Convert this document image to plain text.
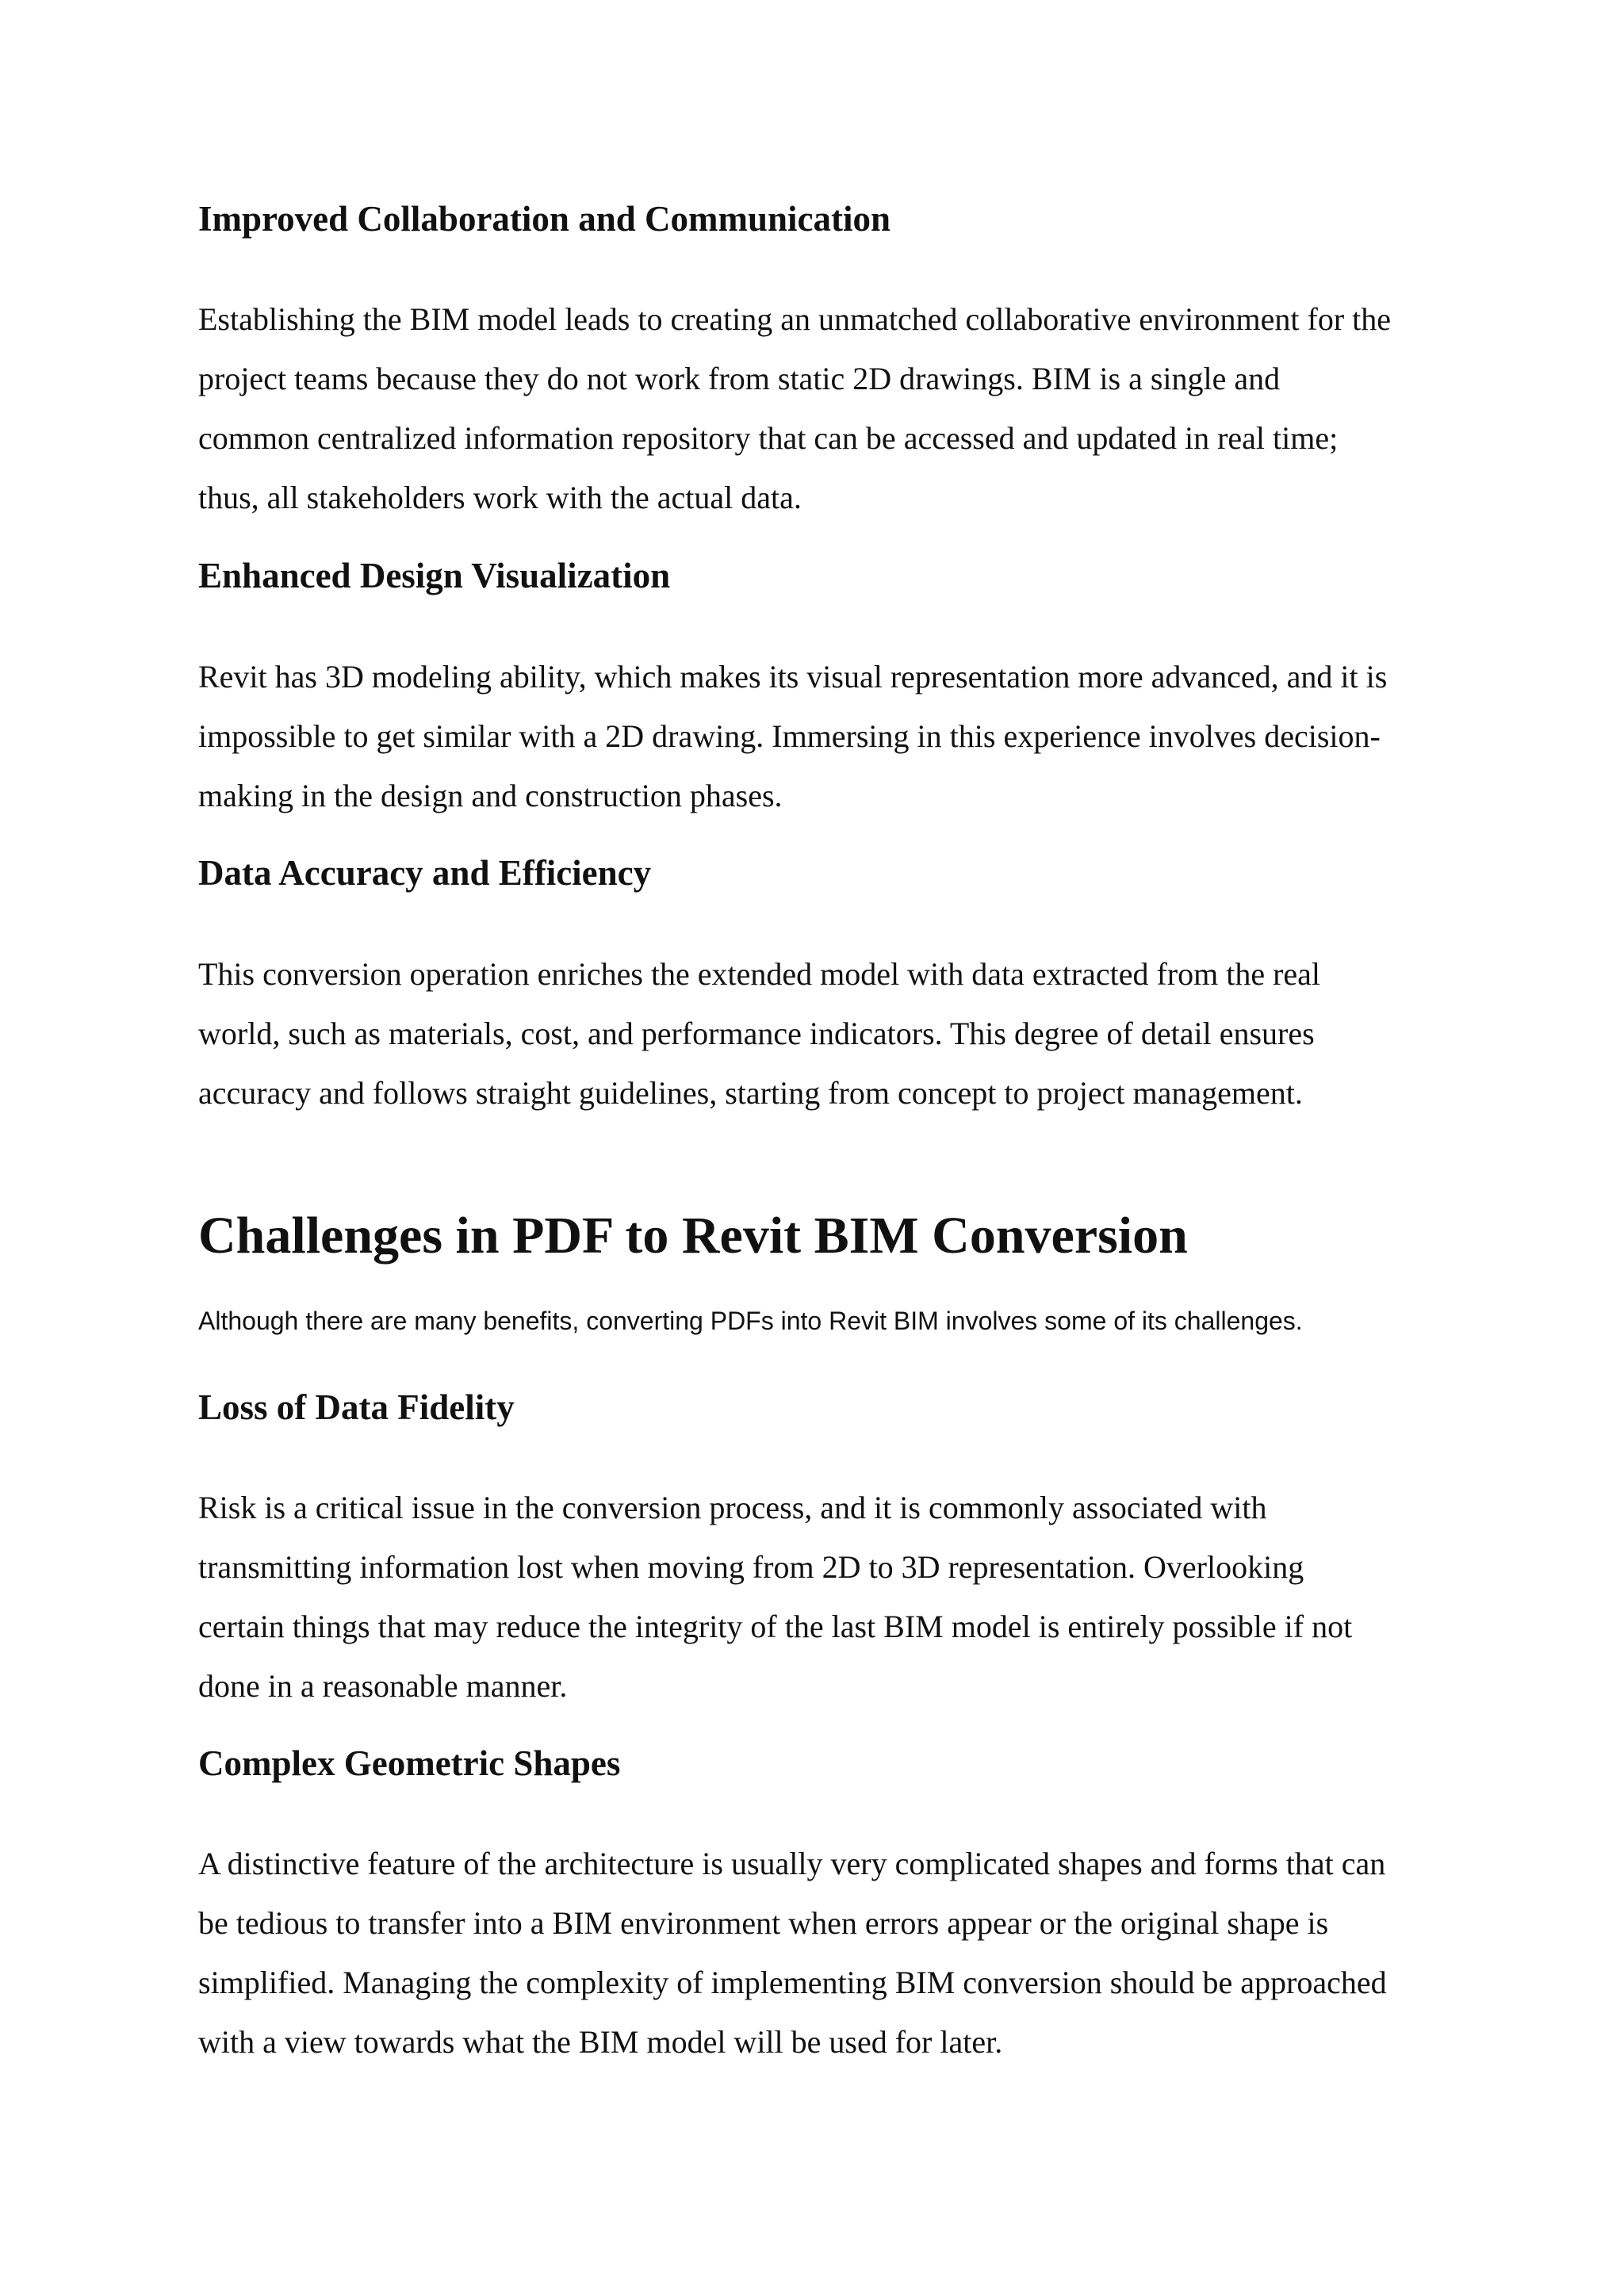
Improved Collaboration and Communication
Establishing the BIM model leads to creating an unmatched collaborative environment for the
project teams because they do not work from static 2D drawings. BIM is a single and
common centralized information repository that can be accessed and updated in real time;
thus, all stakeholders work with the actual data.
Enhanced Design Visualization
Revit has 3D modeling ability, which makes its visual representation more advanced, and it is
impossible to get similar with a 2D drawing. Immersing in this experience involves decision-
making in the design and construction phases.
Data Accuracy and Efficiency
This conversion operation enriches the extended model with data extracted from the real
world, such as materials, cost, and performance indicators. This degree of detail ensures
accuracy and follows straight guidelines, starting from concept to project management.
Challenges in PDF to Revit BIM Conversion

Although there are many benefits, converting PDFs into Revit BIM involves some of its challenges.

Loss of Data Fidelity
Risk is a critical issue in the conversion process, and it is commonly associated with
transmitting information lost when moving from 2D to 3D representation. Overlooking
certain things that may reduce the integrity of the last BIM model is entirely possible if not
done in a reasonable manner.
Complex Geometric Shapes
A distinctive feature of the architecture is usually very complicated shapes and forms that can
be tedious to transfer into a BIM environment when errors appear or the original shape is
simplified. Managing the complexity of implementing BIM conversion should be approached
with a view towards what the BIM model will be used for later.
